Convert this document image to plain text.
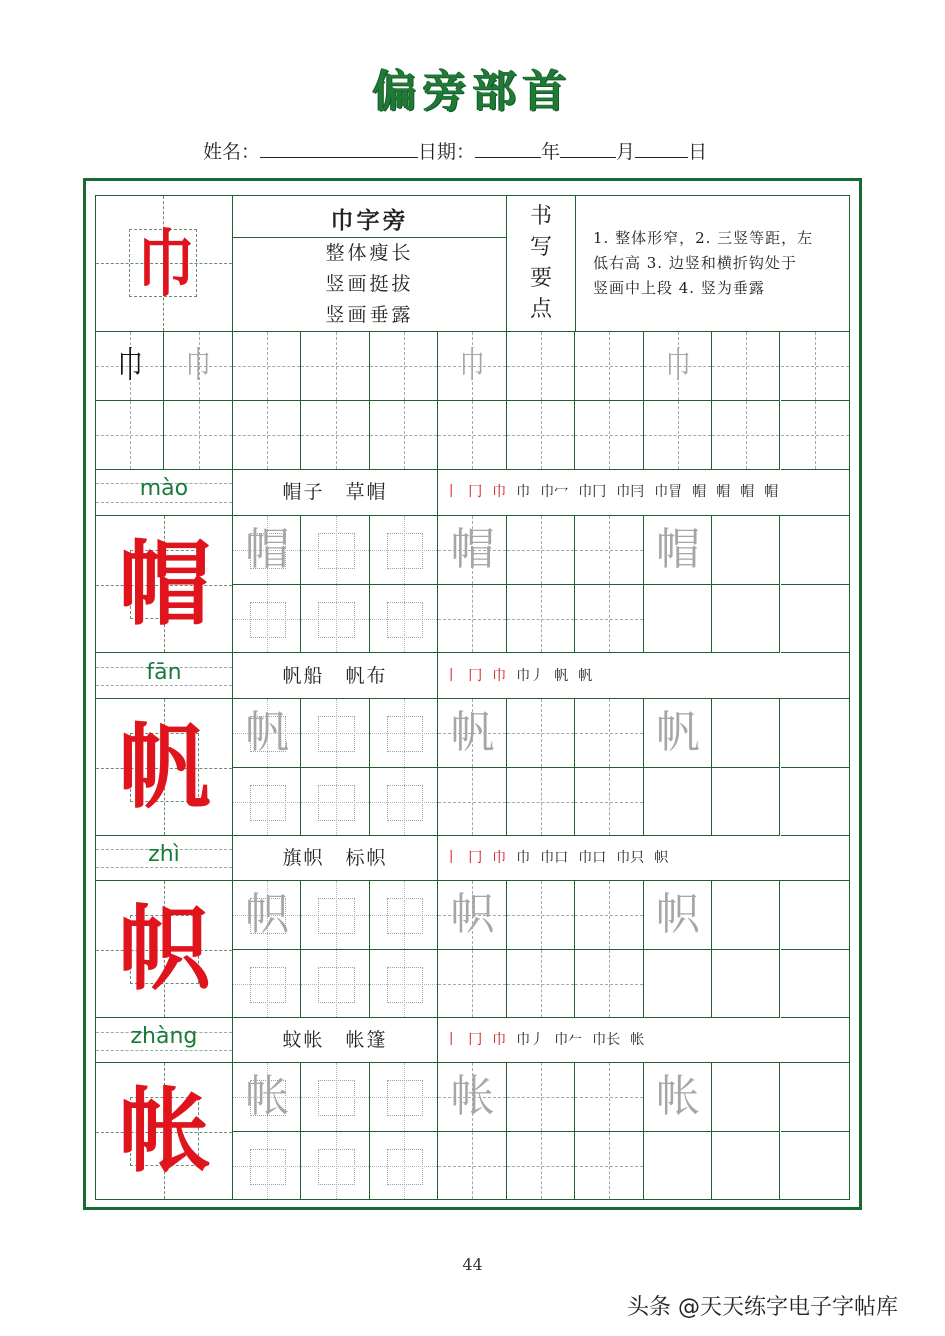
偏旁部首
姓名：	日期：	年	月	日
巾
巾字旁
整体瘦长
竖画挺拔
竖画垂露
书
写
要
点
1. 整体形窄，2. 三竖等距，左
低右高 3. 边竖和横折钩处于
竖画中上段 4. 竖为垂露
巾	巾	巾	巾
mào	帽子　草帽	丨 冂 巾 巾 巾冖 巾冂 巾冃 巾冒 帽 帽 帽 帽
帽 帽	帽	帽
fān	帆船　帆布	丨 冂 巾 巾丿 帆 帆
帆 帆	帆	帆
zhì	旗帜　标帜	丨 冂 巾 巾 巾口 巾口 巾只 帜
帜 帜	帜	帜
zhàng	蚊帐　帐篷	丨 冂 巾 巾丿 巾𠂉 巾长 帐
帐 帐	帐	帐
44
头条 @天天练字电子字帖库
